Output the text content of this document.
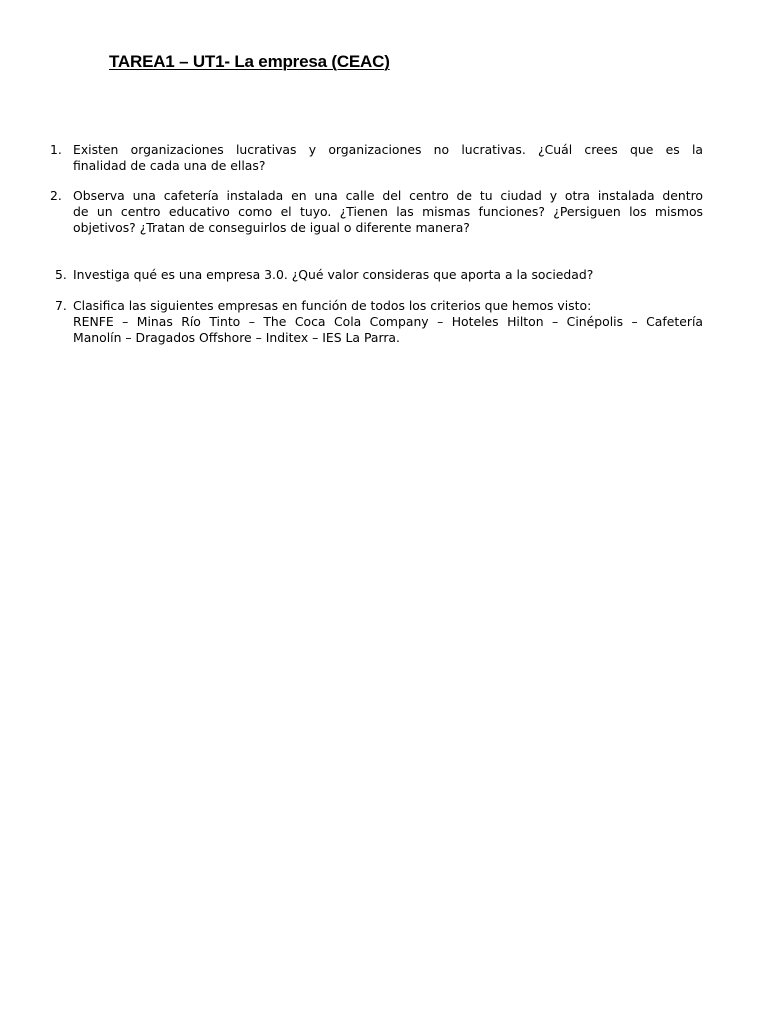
TAREA1 – UT1- La empresa (CEAC)
1. Existen organizaciones lucrativas y organizaciones no lucrativas. ¿Cuál crees que es la
finalidad de cada una de ellas?
2. Observa una cafetería instalada en una calle del centro de tu ciudad y otra instalada dentro
de un centro educativo como el tuyo. ¿Tienen las mismas funciones? ¿Persiguen los mismos
objetivos? ¿Tratan de conseguirlos de igual o diferente manera?
5. Investiga qué es una empresa 3.0. ¿Qué valor consideras que aporta a la sociedad?
7. Clasifica las siguientes empresas en función de todos los criterios que hemos visto:
RENFE – Minas Río Tinto – The Coca Cola Company – Hoteles Hilton – Cinépolis – Cafetería
Manolín – Dragados Offshore – Inditex – IES La Parra.
